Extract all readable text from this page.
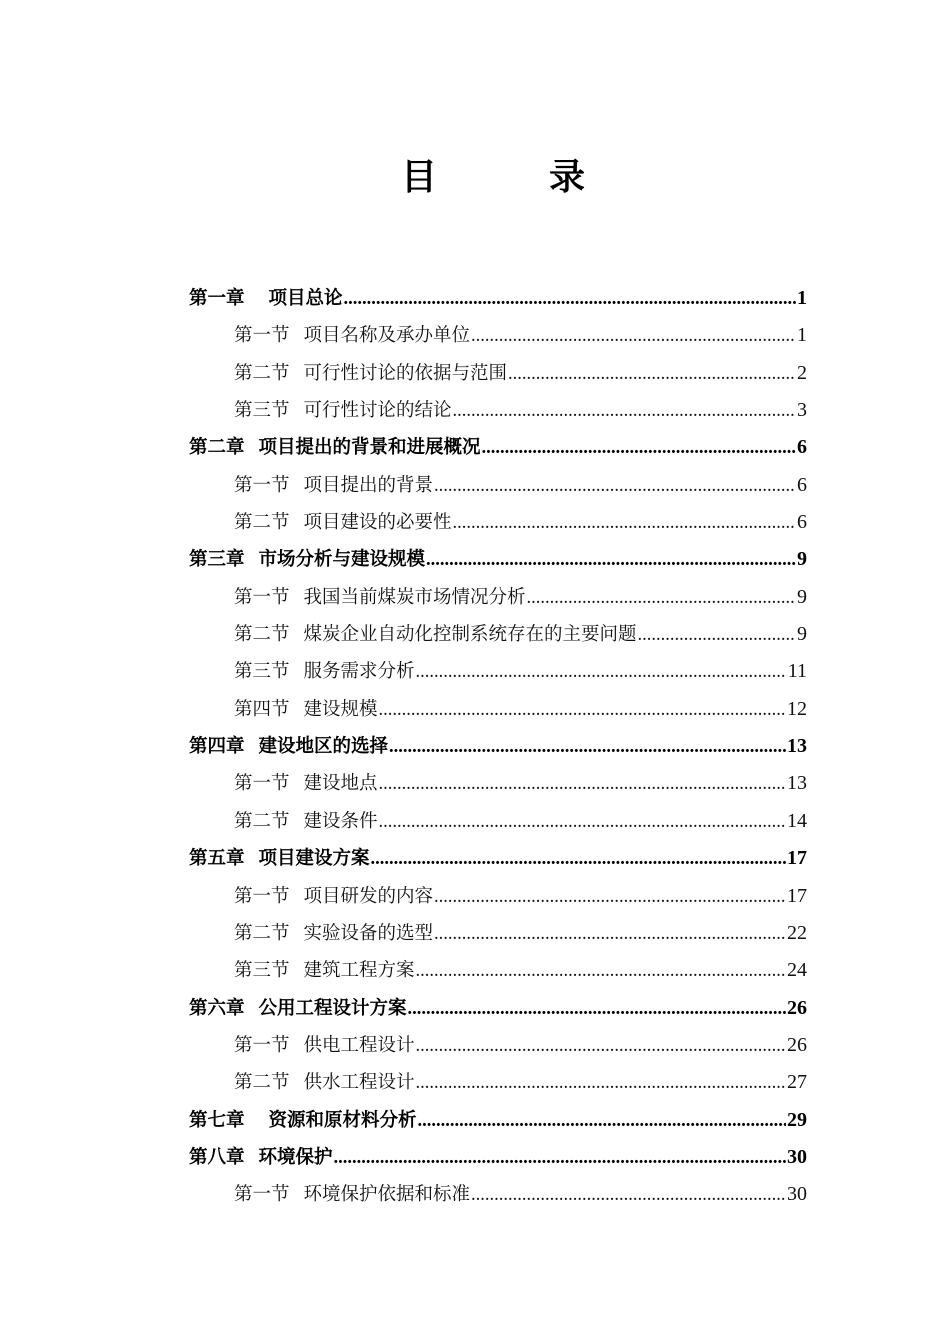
目　录
第一章 项目总论 .....	1
第一节 项目名称及承办单位 .....	1
第二节 可行性讨论的依据与范围 .....	2
第三节 可行性讨论的结论 .....	3
第二章 项目提出的背景和进展概况 .....	6
第一节 项目提出的背景 .....	6
第二节 项目建设的必要性 .....	6
第三章 市场分析与建设规模 .....	9
第一节 我国当前煤炭市场情况分析 .....	9
第二节 煤炭企业自动化控制系统存在的主要问题 .....	9
第三节 服务需求分析 .....	11
第四节 建设规模 .....	12
第四章 建设地区的选择 .....	13
第一节 建设地点 .....	13
第二节 建设条件 .....	14
第五章 项目建设方案 .....	17
第一节 项目研发的内容 .....	17
第二节 实验设备的选型 .....	22
第三节 建筑工程方案 .....	24
第六章 公用工程设计方案 .....	26
第一节 供电工程设计 .....	26
第二节 供水工程设计 .....	27
第七章 资源和原材料分析 .....	29
第八章 环境保护 .....	30
第一节 环境保护依据和标准 .....	30
